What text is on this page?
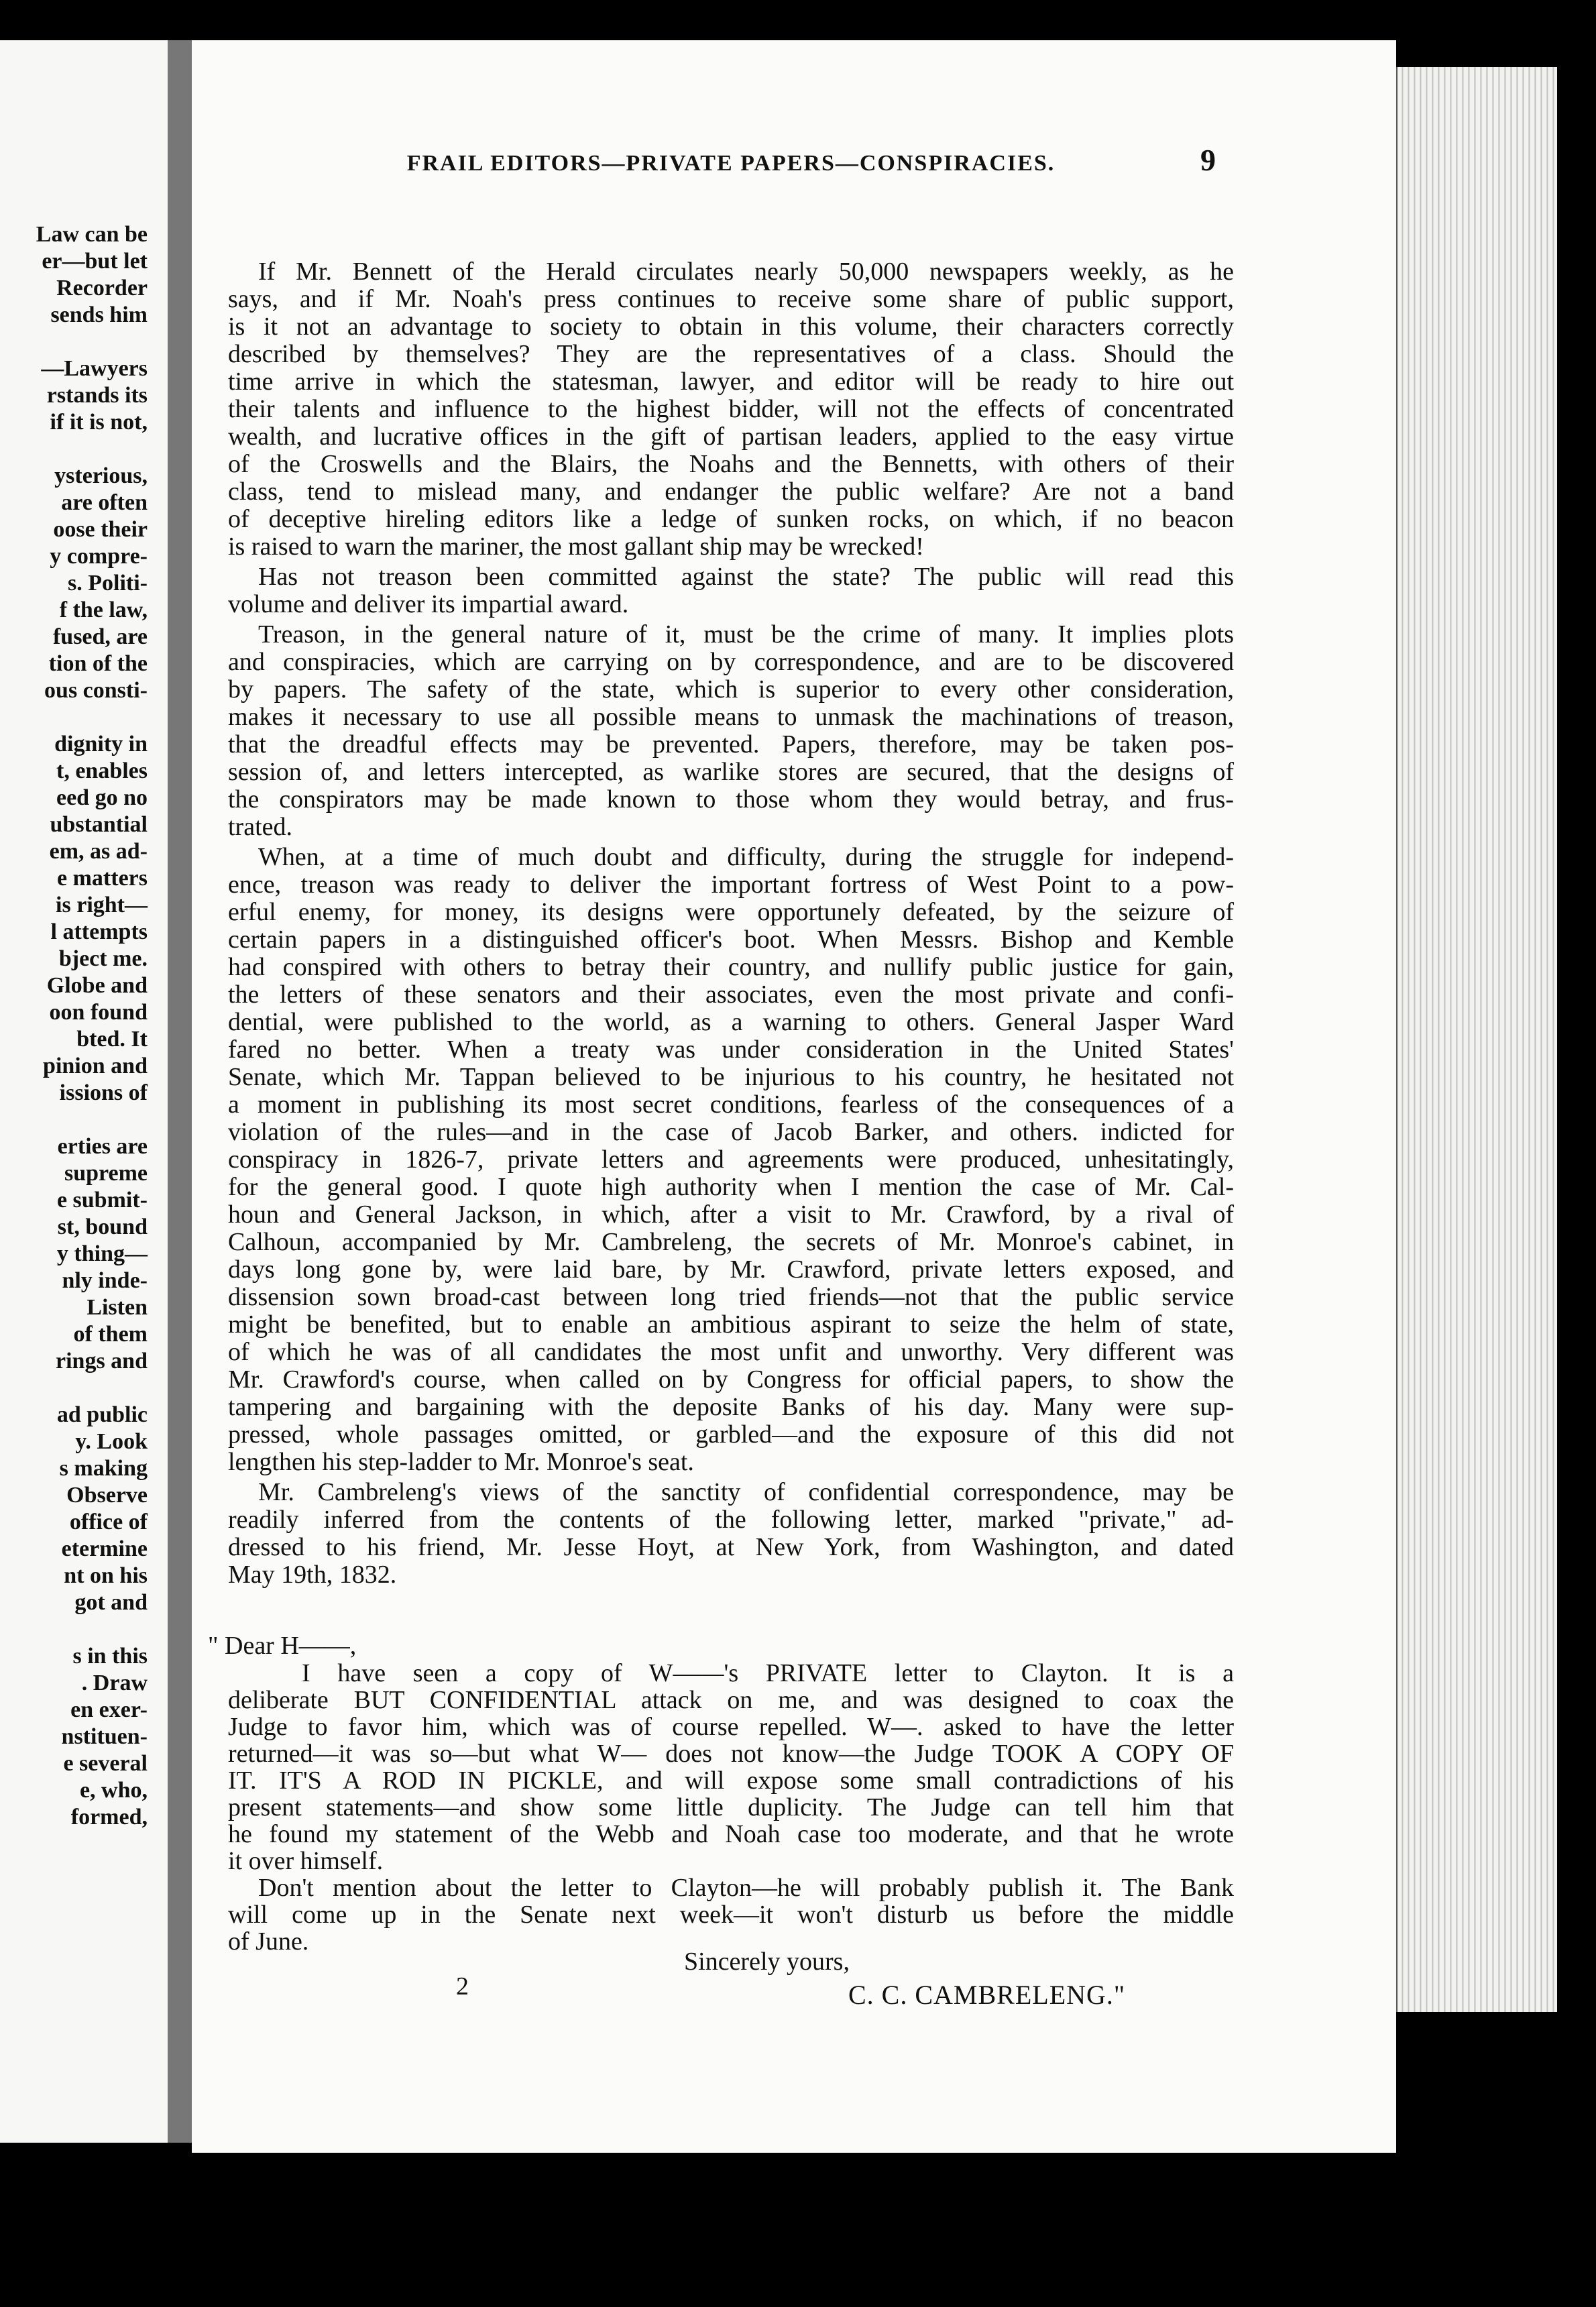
Law can be
er—but let
Recorder
sends him
—Lawyers
rstands its
if it is not,
ysterious,
are often
oose their
y compre-
s. Politi-
f the law,
fused, are
tion of the
ous consti-
dignity in
t, enables
eed go no
ubstantial
em, as ad-
e matters
is right—
l attempts
bject me.
Globe and
oon found
bted. It
pinion and
issions of
erties are
supreme
e submit-
st, bound
y thing—
nly inde-
Listen
of them
rings and
ad public
y. Look
s making
Observe
office of
etermine
nt on his
got and
s in this
. Draw
en exer-
nstituen-
e several
e, who,
formed,
FRAIL EDITORS—PRIVATE PAPERS—CONSPIRACIES.	9
If Mr. Bennett of the Herald circulates nearly 50,000 newspapers weekly, as he
says, and if Mr. Noah's press continues to receive some share of public support,
is it not an advantage to society to obtain in this volume, their characters correctly
described by themselves? They are the representatives of a class. Should the
time arrive in which the statesman, lawyer, and editor will be ready to hire out
their talents and influence to the highest bidder, will not the effects of concentrated
wealth, and lucrative offices in the gift of partisan leaders, applied to the easy virtue
of the Croswells and the Blairs, the Noahs and the Bennetts, with others of their
class, tend to mislead many, and endanger the public welfare? Are not a band
of deceptive hireling editors like a ledge of sunken rocks, on which, if no beacon
is raised to warn the mariner, the most gallant ship may be wrecked!
Has not treason been committed against the state? The public will read this
volume and deliver its impartial award.
Treason, in the general nature of it, must be the crime of many. It implies plots
and conspiracies, which are carrying on by correspondence, and are to be discovered
by papers. The safety of the state, which is superior to every other consideration,
makes it necessary to use all possible means to unmask the machinations of treason,
that the dreadful effects may be prevented. Papers, therefore, may be taken pos-
session of, and letters intercepted, as warlike stores are secured, that the designs of
the conspirators may be made known to those whom they would betray, and frus-
trated.
When, at a time of much doubt and difficulty, during the struggle for independ-
ence, treason was ready to deliver the important fortress of West Point to a pow-
erful enemy, for money, its designs were opportunely defeated, by the seizure of
certain papers in a distinguished officer's boot. When Messrs. Bishop and Kemble
had conspired with others to betray their country, and nullify public justice for gain,
the letters of these senators and their associates, even the most private and confi-
dential, were published to the world, as a warning to others. General Jasper Ward
fared no better. When a treaty was under consideration in the United States'
Senate, which Mr. Tappan believed to be injurious to his country, he hesitated not
a moment in publishing its most secret conditions, fearless of the consequences of a
violation of the rules—and in the case of Jacob Barker, and others. indicted for
conspiracy in 1826-7, private letters and agreements were produced, unhesitatingly,
for the general good. I quote high authority when I mention the case of Mr. Cal-
houn and General Jackson, in which, after a visit to Mr. Crawford, by a rival of
Calhoun, accompanied by Mr. Cambreleng, the secrets of Mr. Monroe's cabinet, in
days long gone by, were laid bare, by Mr. Crawford, private letters exposed, and
dissension sown broad-cast between long tried friends—not that the public service
might be benefited, but to enable an ambitious aspirant to seize the helm of state,
of which he was of all candidates the most unfit and unworthy. Very different was
Mr. Crawford's course, when called on by Congress for official papers, to show the
tampering and bargaining with the deposite Banks of his day. Many were sup-
pressed, whole passages omitted, or garbled—and the exposure of this did not
lengthen his step-ladder to Mr. Monroe's seat.
Mr. Cambreleng's views of the sanctity of confidential correspondence, may be
readily inferred from the contents of the following letter, marked "private," ad-
dressed to his friend, Mr. Jesse Hoyt, at New York, from Washington, and dated
May 19th, 1832.
" Dear H——,
I have seen a copy of W——'s PRIVATE letter to Clayton. It is a
deliberate BUT CONFIDENTIAL attack on me, and was designed to coax the
Judge to favor him, which was of course repelled. W—. asked to have the letter
returned—it was so—but what W— does not know—the Judge TOOK A COPY OF
IT. IT'S A ROD IN PICKLE, and will expose some small contradictions of his
present statements—and show some little duplicity. The Judge can tell him that
he found my statement of the Webb and Noah case too moderate, and that he wrote
it over himself.
Don't mention about the letter to Clayton—he will probably publish it. The Bank
will come up in the Senate next week—it won't disturb us before the middle
of June.
Sincerely yours,
2	C. C. CAMBRELENG."
